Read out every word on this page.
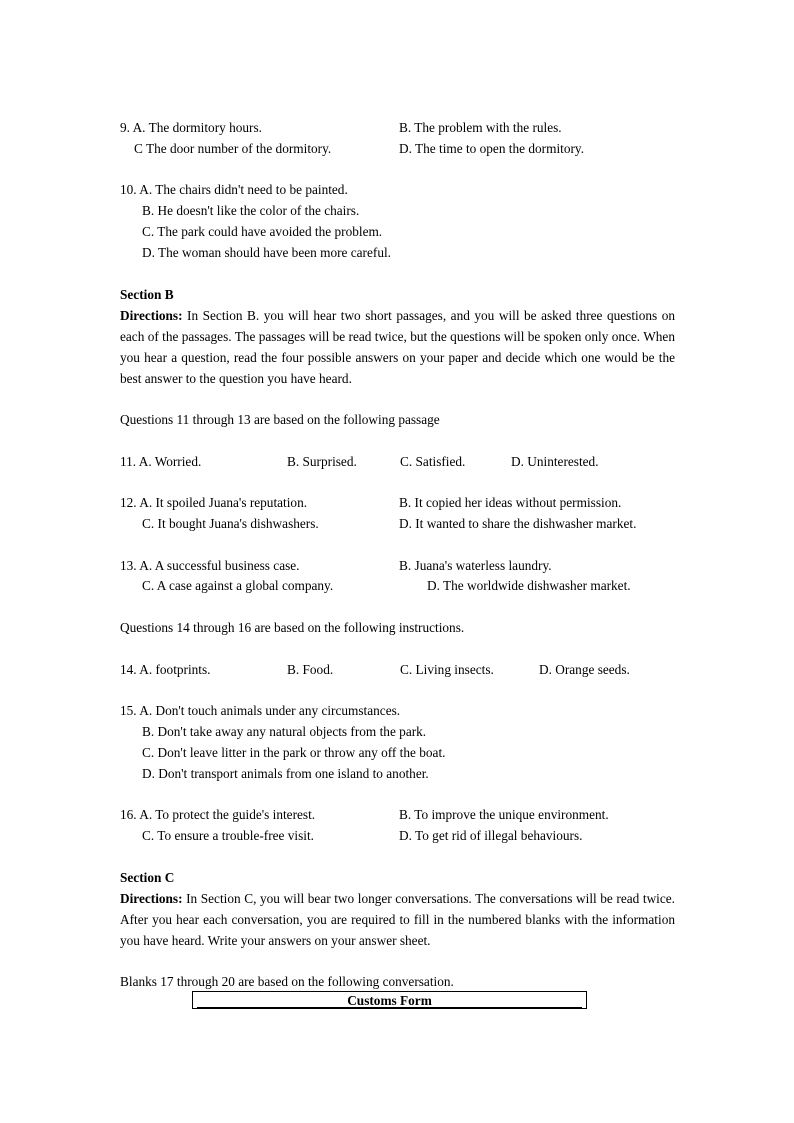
9. A. The dormitory hours.	B. The problem with the rules.
C The door number of the dormitory.	D. The time to open the dormitory.
10. A. The chairs didn't need to be painted.
B. He doesn't like the color of the chairs.
C. The park could have avoided the problem.
D. The woman should have been more careful.
Section B
Directions: In Section B. you will hear two short passages, and you will be asked three questions on each of the passages. The passages will be read twice, but the questions will be spoken only once. When you hear a question, read the four possible answers on your paper and decide which one would be the best answer to the question you have heard.
Questions 11 through 13 are based on the following passage
11. A. Worried.	B. Surprised.	C. Satisfied.	D. Uninterested.
12. A. It spoiled Juana's reputation.	B. It copied her ideas without permission.
C. It bought Juana's dishwashers.	D. It wanted to share the dishwasher market.
13. A. A successful business case.	B. Juana's waterless laundry.
C. A case against a global company.	D. The worldwide dishwasher market.
Questions 14 through 16 are based on the following instructions.
14. A. footprints.	B. Food.	C. Living insects.	D. Orange seeds.
15. A. Don't touch animals under any circumstances.
B. Don't take away any natural objects from the park.
C. Don't leave litter in the park or throw any off the boat.
D. Don't transport animals from one island to another.
16. A. To protect the guide's interest.	B. To improve the unique environment.
C. To ensure a trouble-free visit.	D. To get rid of illegal behaviours.
Section C
Directions: In Section C, you will bear two longer conversations. The conversations will be read twice. After you hear each conversation, you are required to fill in the numbered blanks with the information you have heard. Write your answers on your answer sheet.
Blanks 17 through 20 are based on the following conversation.
Customs Form
